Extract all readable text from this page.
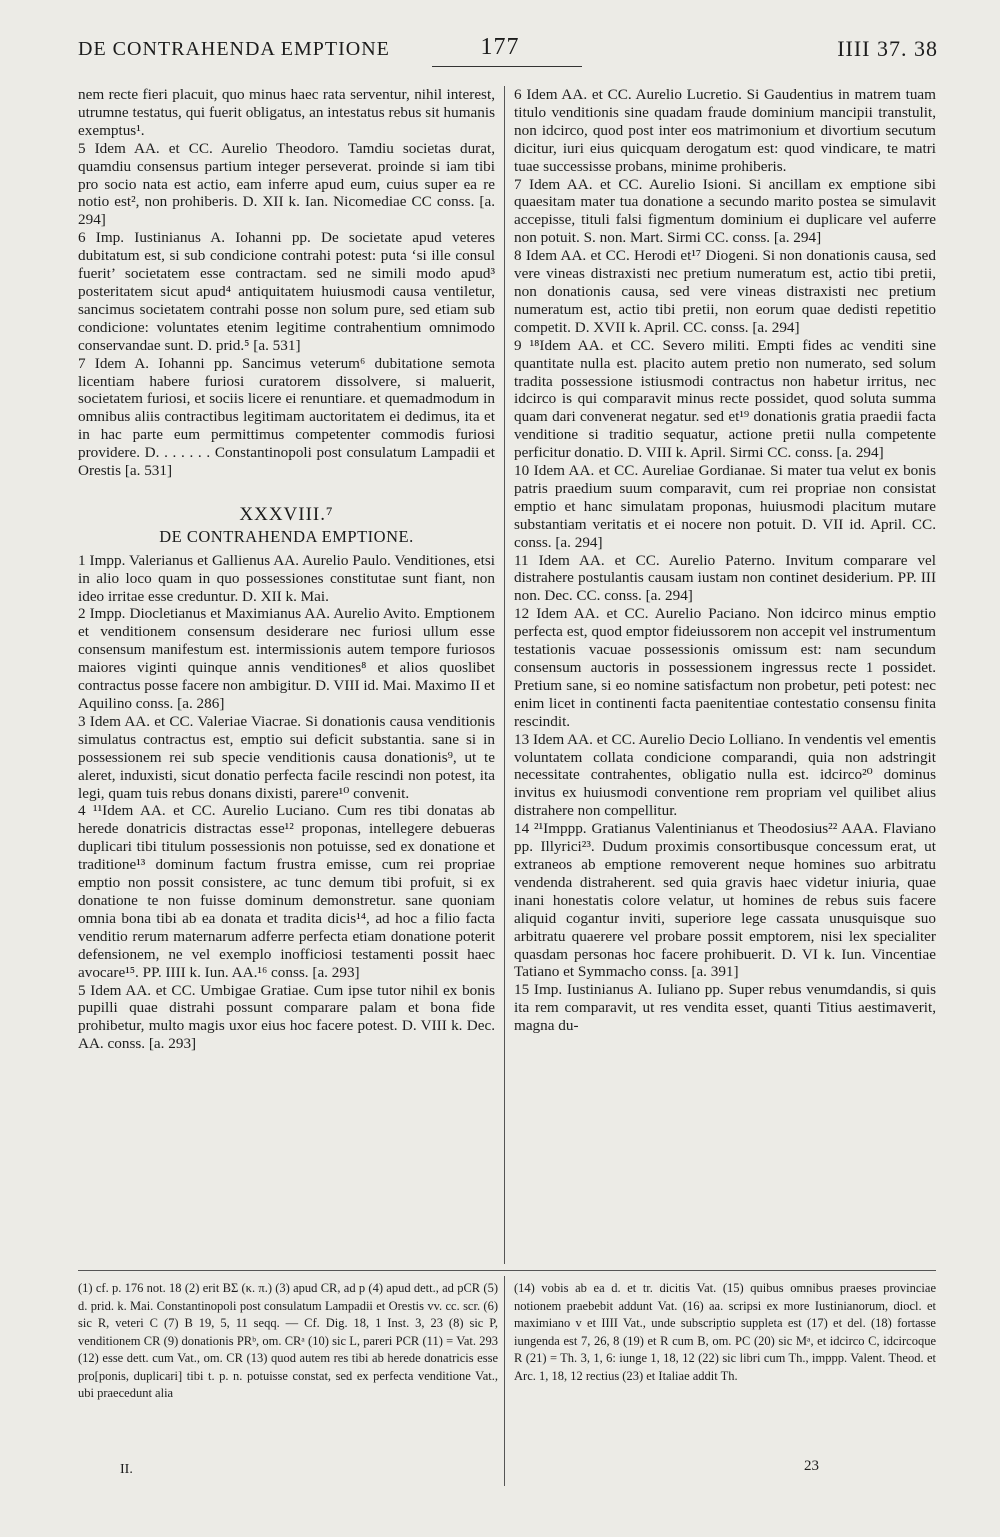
DE CONTRAHENDA EMPTIONE	177	IIII 37. 38

nem recte fieri placuit, quo minus haec rata serventur, nihil interest, utrumne testatus, qui fuerit obligatus, an intestatus rebus sit humanis exemptus¹.

5 Idem AA. et CC. Aurelio Theodoro. Tamdiu societas durat, quamdiu consensus partium integer perseverat. proinde si iam tibi pro socio nata est actio, eam inferre apud eum, cuius super ea re notio est², non prohiberis. D. XII k. Ian. Nicomediae CC conss. [a. 294]

6 Imp. Iustinianus A. Iohanni pp. De societate apud veteres dubitatum est, si sub condicione contrahi potest: puta ‘si ille consul fuerit’ societatem esse contractam. sed ne simili modo apud³ posteritatem sicut apud⁴ antiquitatem huiusmodi causa ventiletur, sancimus societatem contrahi posse non solum pure, sed etiam sub condicione: voluntates etenim legitime contrahentium omnimodo conservandae sunt. D. prid.⁵ [a. 531]

7 Idem A. Iohanni pp. Sancimus veterum⁶ dubitatione semota licentiam habere furiosi curatorem dissolvere, si maluerit, societatem furiosi, et sociis licere ei renuntiare. et quemadmodum in omnibus aliis contractibus legitimam auctoritatem ei dedimus, ita et in hac parte eum permittimus competenter commodis furiosi providere. D. . . . . . . Constantinopoli post consulatum Lampadii et Orestis [a. 531]

XXXVIII.⁷
DE CONTRAHENDA EMPTIONE.

1 Impp. Valerianus et Gallienus AA. Aurelio Paulo. Venditiones, etsi in alio loco quam in quo possessiones constitutae sunt fiant, non ideo irritae esse creduntur. D. XII k. Mai.

2 Impp. Diocletianus et Maximianus AA. Aurelio Avito. Emptionem et venditionem consensum desiderare nec furiosi ullum esse consensum manifestum est. intermissionis autem tempore furiosos maiores viginti quinque annis venditiones⁸ et alios quoslibet contractus posse facere non ambigitur. D. VIII id. Mai. Maximo II et Aquilino conss. [a. 286]

3 Idem AA. et CC. Valeriae Viacrae. Si donationis causa venditionis simulatus contractus est, emptio sui deficit substantia. sane si in possessionem rei sub specie venditionis causa donationis⁹, ut te aleret, induxisti, sicut donatio perfecta facile rescindi non potest, ita legi, quam tuis rebus donans dixisti, parere¹⁰ convenit.

4 ¹¹Idem AA. et CC. Aurelio Luciano. Cum res tibi donatas ab herede donatricis distractas esse¹² proponas, intellegere debueras duplicari tibi titulum possessionis non potuisse, sed ex donatione et traditione¹³ dominum factum frustra emisse, cum rei propriae emptio non possit consistere, ac tunc demum tibi profuit, si ex donatione te non fuisse dominum demonstretur. sane quoniam omnia bona tibi ab ea donata et tradita dicis¹⁴, ad hoc a filio facta venditio rerum maternarum adferre perfecta etiam donatione poterit defensionem, ne vel exemplo inofficiosi testamenti possit haec avocare¹⁵. PP. IIII k. Iun. AA.¹⁶ conss. [a. 293]

5 Idem AA. et CC. Umbigae Gratiae. Cum ipse tutor nihil ex bonis pupilli quae distrahi possunt comparare palam et bona fide prohibetur, multo magis uxor eius hoc facere potest. D. VIII k. Dec. AA. conss. [a. 293]

6 Idem AA. et CC. Aurelio Lucretio. Si Gaudentius in matrem tuam titulo venditionis sine quadam fraude dominium mancipii transtulit, non idcirco, quod post inter eos matrimonium et divortium secutum dicitur, iuri eius quicquam derogatum est: quod vindicare, te matri tuae successisse probans, minime prohiberis.

7 Idem AA. et CC. Aurelio Isioni. Si ancillam ex emptione sibi quaesitam mater tua donatione a secundo marito postea se simulavit accepisse, tituli falsi figmentum dominium ei duplicare vel auferre non potuit. S. non. Mart. Sirmi CC. conss. [a. 294]

8 Idem AA. et CC. Herodi et¹⁷ Diogeni. Si non donationis causa, sed vere vineas distraxisti nec pretium numeratum est, actio tibi pretii, non donationis causa, sed vere vineas distraxisti nec pretium numeratum est, actio tibi pretii, non eorum quae dedisti repetitio competit. D. XVII k. April. CC. conss. [a. 294]

9 ¹⁸Idem AA. et CC. Severo militi. Empti fides ac venditi sine quantitate nulla est. placito autem pretio non numerato, sed solum tradita possessione istiusmodi contractus non habetur irritus, nec idcirco is qui comparavit minus recte possidet, quod soluta summa quam dari convenerat negatur. sed et¹⁹ donationis gratia praedii facta venditione si traditio sequatur, actione pretii nulla competente perficitur donatio. D. VIII k. April. Sirmi CC. conss. [a. 294]

10 Idem AA. et CC. Aureliae Gordianae. Si mater tua velut ex bonis patris praedium suum comparavit, cum rei propriae non consistat emptio et hanc simulatam proponas, huiusmodi placitum mutare substantiam veritatis et ei nocere non potuit. D. VII id. April. CC. conss. [a. 294]

11 Idem AA. et CC. Aurelio Paterno. Invitum comparare vel distrahere postulantis causam iustam non continet desiderium. PP. III non. Dec. CC. conss. [a. 294]

12 Idem AA. et CC. Aurelio Paciano. Non idcirco minus emptio perfecta est, quod emptor fideiussorem non accepit vel instrumentum testationis vacuae possessionis omissum est: nam secundum consensum auctoris in possessionem ingressus recte 1 possidet. Pretium sane, si eo nomine satisfactum non probetur, peti potest: nec enim licet in continenti facta paenitentiae contestatio consensu finita rescindit.

13 Idem AA. et CC. Aurelio Decio Lolliano. In vendentis vel ementis voluntatem collata condicione comparandi, quia non adstringit necessitate contrahentes, obligatio nulla est. idcirco²⁰ dominus invitus ex huiusmodi conventione rem propriam vel quilibet alius distrahere non compellitur.

14 ²¹Imppp. Gratianus Valentinianus et Theodosius²² AAA. Flaviano pp. Illyrici²³. Dudum proximis consortibusque concessum erat, ut extraneos ab emptione removerent neque homines suo arbitratu vendenda distraherent. sed quia gravis haec videtur iniuria, quae inani honestatis colore velatur, ut homines de rebus suis facere aliquid cogantur inviti, superiore lege cassata unusquisque suo arbitratu quaerere vel probare possit emptorem, nisi lex specialiter quasdam personas hoc facere prohibuerit. D. VI k. Iun. Vincentiae Tatiano et Symmacho conss. [a. 391]

15 Imp. Iustinianus A. Iuliano pp. Super rebus venumdandis, si quis ita rem comparavit, ut res vendita esset, quanti Titius aestimaverit, magna du-

(1) cf. p. 176 not. 18 (2) erit ΒΣ (κ. π.) (3) apud CR, ad p (4) apud dett., ad pCR (5) d. prid. k. Mai. Constantinopoli post consulatum Lampadii et Orestis vv. cc. scr. (6) sic R, veteri C (7) B 19, 5, 11 seqq. — Cf. Dig. 18, 1 Inst. 3, 23 (8) sic P, venditionem CR (9) donationis PRᵇ, om. CRᵃ (10) sic L, pareri PCR (11) = Vat. 293 (12) esse dett. cum Vat., om. CR (13) quod autem res tibi ab herede donatricis esse pro[ponis, duplicari] tibi t. p. n. potuisse constat, sed ex perfecta venditione Vat., ubi praecedunt alia
(14) vobis ab ea d. et tr. dicitis Vat. (15) quibus omnibus praeses provinciae notionem praebebit addunt Vat. (16) aa. scripsi ex more Iustinianorum, diocl. et maximiano v et IIII Vat., unde subscriptio suppleta est (17) et del. (18) fortasse iungenda est 7, 26, 8 (19) et R cum B, om. PC (20) sic Mᵃ, et idcirco C, idcircoque R (21) = Th. 3, 1, 6: iunge 1, 18, 12 (22) sic libri cum Th., imppp. Valent. Theod. et Arc. 1, 18, 12 rectius (23) et Italiae addit Th.
II.	23
